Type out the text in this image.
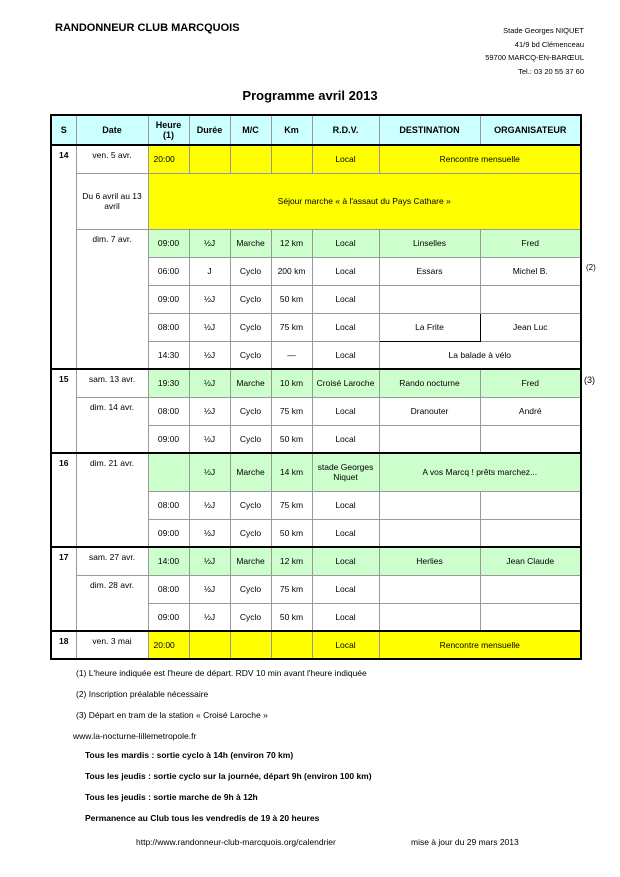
RANDONNEUR CLUB MARCQUOIS	Stade Georges NIQUET
41/9 bd Clémenceau
59700 MARCQ-EN-BARŒUL
Tel.: 03 20 55 37 60
Programme avril 2013
S	Date	Heure (1)	Durée	M/C	Km	R.D.V.	DESTINATION	ORGANISATEUR
14	ven. 5 avr.	20:00				Local	Rencontre mensuelle	
	Du 6 avril au 13 avril	Séjour marche « à l'assaut du Pays Cathare »						
	dim. 7 avr.	09:00	½J	Marche	12 km	Local	Linselles	Fred
		06:00	J	Cyclo	200 km	Local	Essars	Michel B.
		09:00	½J	Cyclo	50 km	Local		
		08:00	½J	Cyclo	75 km	Local	La Frite	Jean Luc
		14:30	½J	Cyclo	—	Local	La balade à vélo	
15	sam. 13 avr.	19:30	½J	Marche	10 km	Croisé Laroche	Rando nocturne	Fred
	dim. 14 avr.	08:00	½J	Cyclo	75 km	Local	Dranouter	André
		09:00	½J	Cyclo	50 km	Local		
16	dim. 21 avr.		½J	Marche	14 km	stade Georges Niquet	A vos Marcq ! prêts marchez...	
		08:00	½J	Cyclo	75 km	Local		
		09:00	½J	Cyclo	50 km	Local		
17	sam. 27 avr.	14:00	½J	Marche	12 km	Local	Herlies	Jean Claude
	dim. 28 avr.	08:00	½J	Cyclo	75 km	Local		
		09:00	½J	Cyclo	50 km	Local		
18	ven. 3 mai	20:00				Local	Rencontre mensuelle	
(2)
(3)
(1) L'heure indiquée est l'heure de départ. RDV 10 min avant l'heure indiquée
(2) Inscription préalable nécessaire
(3) Départ en tram de la station « Croisé Laroche »
www.la-nocturne-lillemetropole.fr
Tous les mardis : sortie cyclo à 14h (environ 70 km)
Tous les jeudis : sortie cyclo sur la journée, départ 9h (environ 100 km)
Tous les jeudis : sortie marche de 9h à 12h
Permanence au Club tous les vendredis de 19 à 20 heures
http://www.randonneur-club-marcquois.org/calendrier	mise à jour du 29 mars 2013
